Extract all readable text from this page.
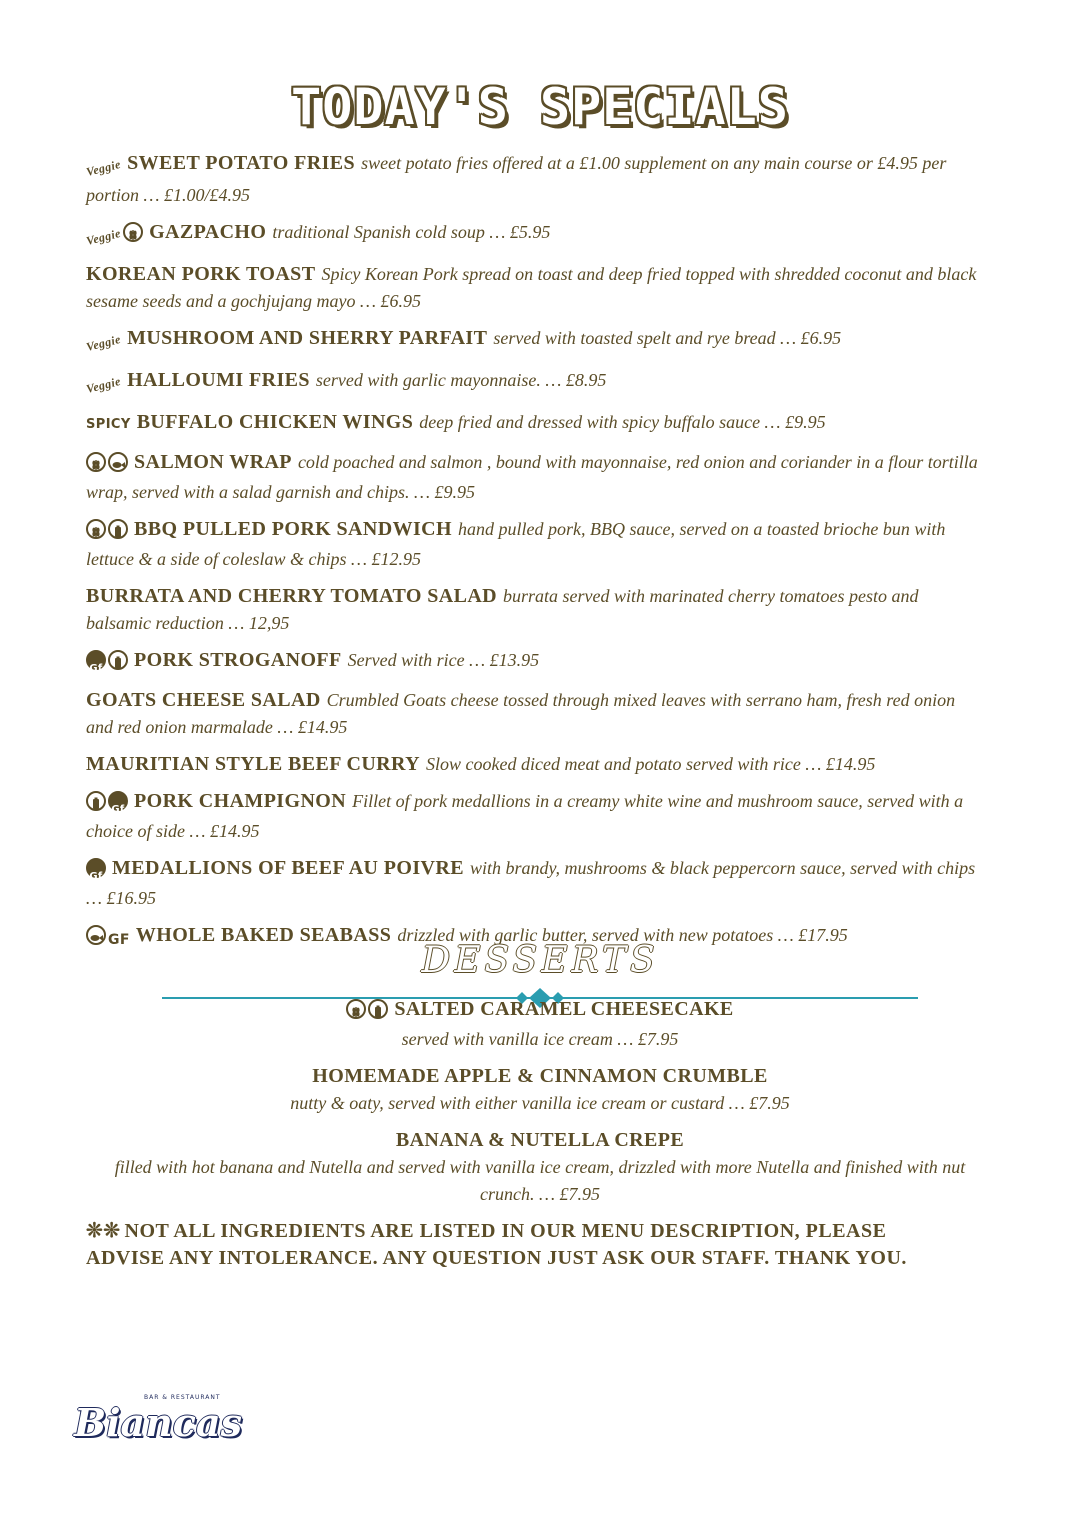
TODAY'S SPECIALS
Veggie SWEET POTATO FRIES sweet potato fries offered at a £1.00 supplement on any main course or £4.95 per portion … £1.00/£4.95
Veggie GAZPACHO traditional Spanish cold soup … £5.95
KOREAN PORK TOAST Spicy Korean Pork spread on toast and deep fried topped with shredded coconut and black sesame seeds and a gochjujang mayo … £6.95
Veggie MUSHROOM AND SHERRY PARFAIT served with toasted spelt and rye bread … £6.95
Veggie HALLOUMI FRIES served with garlic mayonnaise. … £8.95
SPICY BUFFALO CHICKEN WINGS deep fried and dressed with spicy buffalo sauce … £9.95
SALMON WRAP cold poached and salmon , bound with mayonnaise, red onion and coriander in a flour tortilla wrap, served with a salad garnish and chips. … £9.95
BBQ PULLED PORK SANDWICH hand pulled pork, BBQ sauce, served on a toasted brioche bun with lettuce & a side of coleslaw & chips … £12.95
BURRATA AND CHERRY TOMATO SALAD burrata served with marinated cherry tomatoes pesto and balsamic reduction … 12,95
Gf PORK STROGANOFF Served with rice … £13.95
GOATS CHEESE SALAD Crumbled Goats cheese tossed through mixed leaves with serrano ham, fresh red onion and red onion marmalade … £14.95
MAURITIAN STYLE BEEF CURRY Slow cooked diced meat and potato served with rice … £14.95
Gf PORK CHAMPIGNON Fillet of pork medallions in a creamy white wine and mushroom sauce, served with a choice of side … £14.95
Gf MEDALLIONS OF BEEF AU POIVRE with brandy, mushrooms & black peppercorn sauce, served with chips … £16.95
GF WHOLE BAKED SEABASS drizzled with garlic butter, served with new potatoes … £17.95
DESSERTS
SALTED CARAMEL CHEESECAKE
served with vanilla ice cream … £7.95
HOMEMADE APPLE & CINNAMON CRUMBLE
nutty & oaty, served with either vanilla ice cream or custard … £7.95
BANANA & NUTELLA CREPE
filled with hot banana and Nutella and served with vanilla ice cream, drizzled with more Nutella and finished with nut crunch. … £7.95
❊❊ NOT ALL INGREDIENTS ARE LISTED IN OUR MENU DESCRIPTION, PLEASE ADVISE ANY INTOLERANCE. ANY QUESTION JUST ASK OUR STAFF. THANK YOU.
BAR & RESTAURANT
Biancas
